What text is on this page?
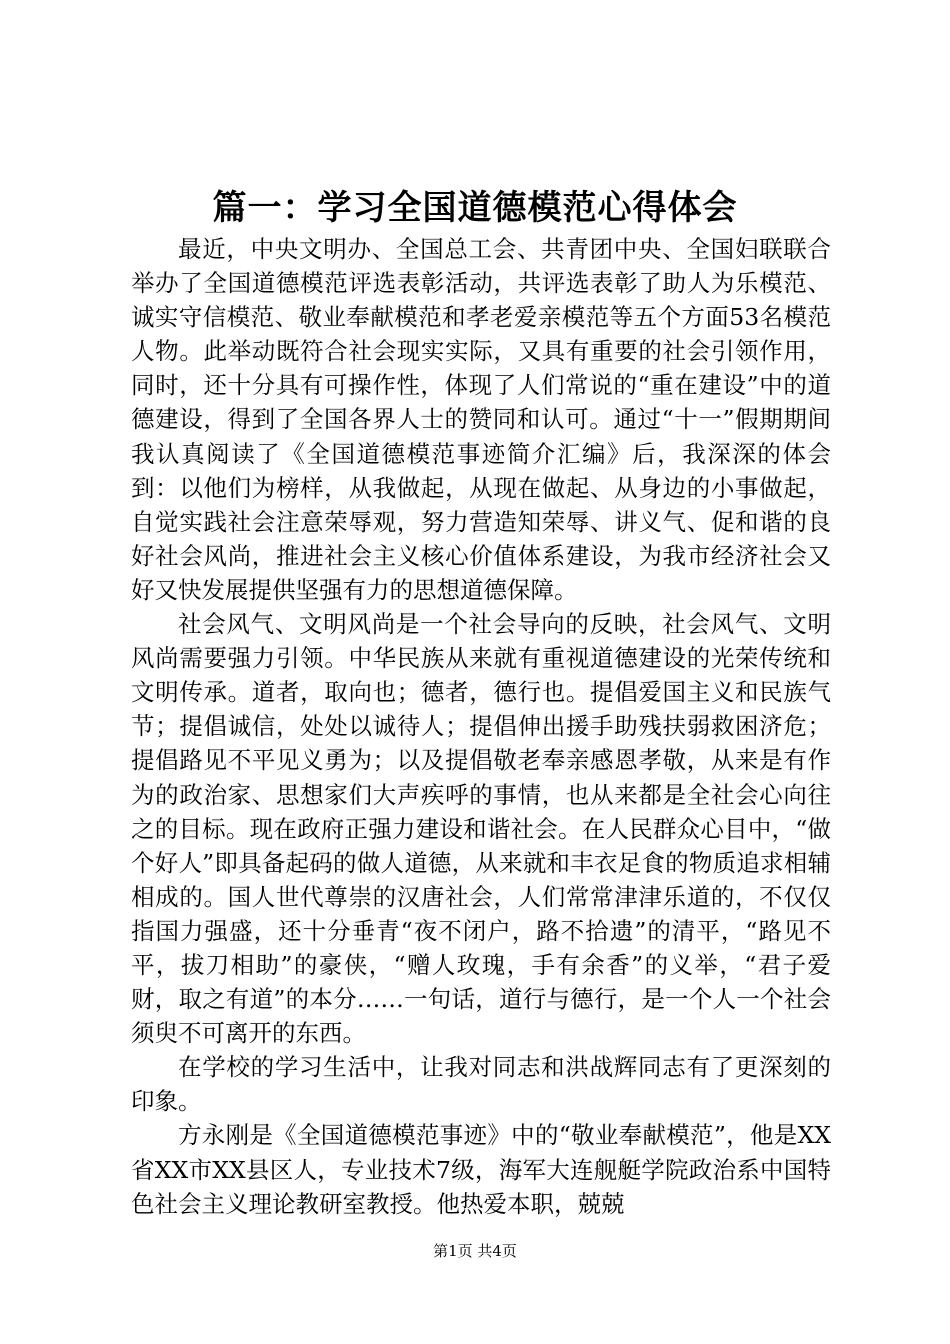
篇一：学习全国道德模范心得体会

最近，中央文明办、全国总工会、共青团中央、全国妇联联合举办了全国道德模范评选表彰活动，共评选表彰了助人为乐模范、诚实守信模范、敬业奉献模范和孝老爱亲模范等五个方面53名模范人物。此举动既符合社会现实实际，又具有重要的社会引领作用，同时，还十分具有可操作性，体现了人们常说的“重在建设”中的道德建设，得到了全国各界人士的赞同和认可。通过“十一”假期期间我认真阅读了《全国道德模范事迹简介汇编》后，我深深的体会到：以他们为榜样，从我做起，从现在做起、从身边的小事做起，自觉实践社会注意荣辱观，努力营造知荣辱、讲义气、促和谐的良好社会风尚，推进社会主义核心价值体系建设，为我市经济社会又好又快发展提供坚强有力的思想道德保障。

社会风气、文明风尚是一个社会导向的反映，社会风气、文明风尚需要强力引领。中华民族从来就有重视道德建设的光荣传统和文明传承。道者，取向也；德者，德行也。提倡爱国主义和民族气节；提倡诚信，处处以诚待人；提倡伸出援手助残扶弱救困济危；提倡路见不平见义勇为；以及提倡敬老奉亲感恩孝敬，从来是有作为的政治家、思想家们大声疾呼的事情，也从来都是全社会心向往之的目标。现在政府正强力建设和谐社会。在人民群众心目中，“做个好人”即具备起码的做人道德，从来就和丰衣足食的物质追求相辅相成的。国人世代尊崇的汉唐社会，人们常常津津乐道的，不仅仅指国力强盛，还十分垂青“夜不闭户，路不拾遗”的清平，“路见不平，拔刀相助”的豪侠，“赠人玫瑰，手有余香”的义举，“君子爱财，取之有道”的本分……一句话，道行与德行，是一个人一个社会须臾不可离开的东西。

在学校的学习生活中，让我对同志和洪战辉同志有了更深刻的印象。

方永刚是《全国道德模范事迹》中的“敬业奉献模范”，他是XX省XX市XX县区人，专业技术7级，海军大连舰艇学院政治系中国特色社会主义理论教研室教授。他热爱本职，兢兢

第1页 共4页
